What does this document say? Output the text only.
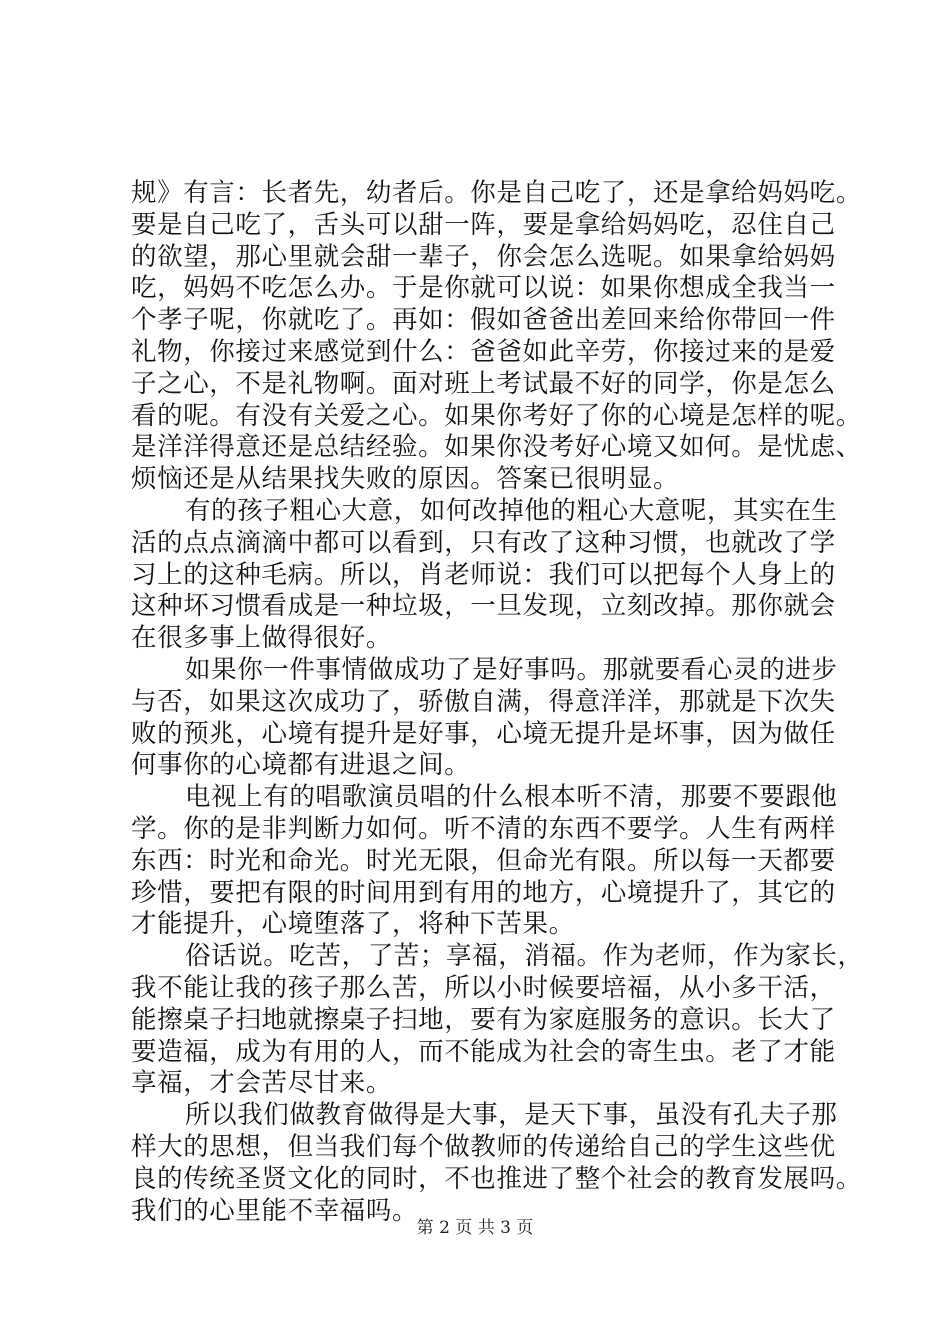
规》有言：长者先，幼者后。你是自己吃了，还是拿给妈妈吃。
要是自己吃了，舌头可以甜一阵，要是拿给妈妈吃，忍住自己
的欲望，那心里就会甜一辈子，你会怎么选呢。如果拿给妈妈
吃，妈妈不吃怎么办。于是你就可以说：如果你想成全我当一
个孝子呢，你就吃了。再如：假如爸爸出差回来给你带回一件
礼物，你接过来感觉到什么：爸爸如此辛劳，你接过来的是爱
子之心，不是礼物啊。面对班上考试最不好的同学，你是怎么
看的呢。有没有关爱之心。如果你考好了你的心境是怎样的呢。
是洋洋得意还是总结经验。如果你没考好心境又如何。是忧虑、
烦恼还是从结果找失败的原因。答案已很明显。
有的孩子粗心大意，如何改掉他的粗心大意呢，其实在生
活的点点滴滴中都可以看到，只有改了这种习惯，也就改了学
习上的这种毛病。所以，肖老师说：我们可以把每个人身上的
这种坏习惯看成是一种垃圾，一旦发现，立刻改掉。那你就会
在很多事上做得很好。
如果你一件事情做成功了是好事吗。那就要看心灵的进步
与否，如果这次成功了，骄傲自满，得意洋洋，那就是下次失
败的预兆，心境有提升是好事，心境无提升是坏事，因为做任
何事你的心境都有进退之间。
电视上有的唱歌演员唱的什么根本听不清，那要不要跟他
学。你的是非判断力如何。听不清的东西不要学。人生有两样
东西：时光和命光。时光无限，但命光有限。所以每一天都要
珍惜，要把有限的时间用到有用的地方，心境提升了，其它的
才能提升，心境堕落了，将种下苦果。
俗话说。吃苦，了苦；享福，消福。作为老师，作为家长，
我不能让我的孩子那么苦，所以小时候要培福，从小多干活，
能擦桌子扫地就擦桌子扫地，要有为家庭服务的意识。长大了
要造福，成为有用的人，而不能成为社会的寄生虫。老了才能
享福，才会苦尽甘来。
所以我们做教育做得是大事，是天下事，虽没有孔夫子那
样大的思想，但当我们每个做教师的传递给自己的学生这些优
良的传统圣贤文化的同时，不也推进了整个社会的教育发展吗。
我们的心里能不幸福吗。
第 2 页 共 3 页
